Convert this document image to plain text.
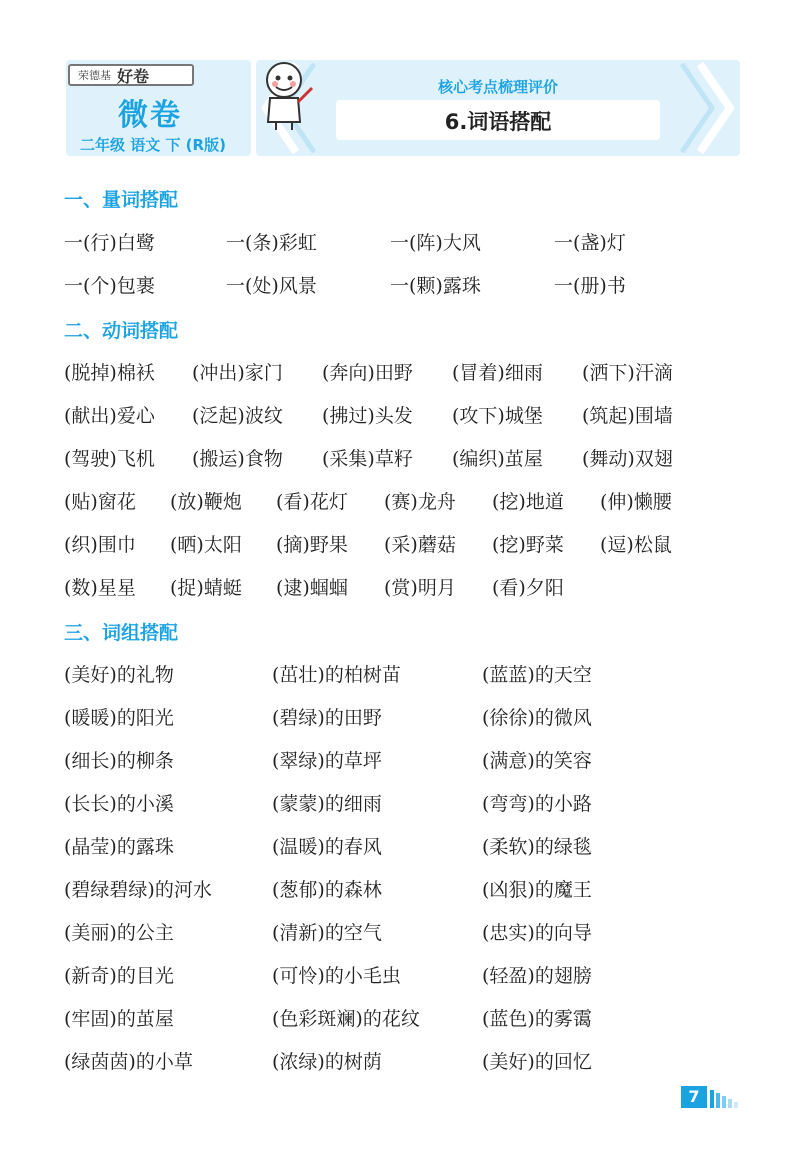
荣德基 好卷
微卷
二年级 语文 下 (R版)
核心考点梳理评价
6.词语搭配
一、量词搭配
一(行)白鹭	一(条)彩虹	一(阵)大风	一(盏)灯
一(个)包裹	一(处)风景	一(颗)露珠	一(册)书
二、动词搭配
(脱掉)棉袄 (冲出)家门 (奔向)田野 (冒着)细雨 (洒下)汗滴
(献出)爱心 (泛起)波纹 (拂过)头发 (攻下)城堡 (筑起)围墙
(驾驶)飞机 (搬运)食物 (采集)草籽 (编织)茧屋 (舞动)双翅
(贴)窗花 (放)鞭炮 (看)花灯 (赛)龙舟 (挖)地道 (伸)懒腰
(织)围巾 (晒)太阳 (摘)野果 (采)蘑菇 (挖)野菜 (逗)松鼠
(数)星星 (捉)蜻蜓 (逮)蝈蝈 (赏)明月 (看)夕阳
三、词组搭配
(美好)的礼物	(茁壮)的柏树苗	(蓝蓝)的天空
(暖暖)的阳光	(碧绿)的田野	(徐徐)的微风
(细长)的柳条	(翠绿)的草坪	(满意)的笑容
(长长)的小溪	(蒙蒙)的细雨	(弯弯)的小路
(晶莹)的露珠	(温暖)的春风	(柔软)的绿毯
(碧绿碧绿)的河水	(葱郁)的森林	(凶狠)的魔王
(美丽)的公主	(清新)的空气	(忠实)的向导
(新奇)的目光	(可怜)的小毛虫	(轻盈)的翅膀
(牢固)的茧屋	(色彩斑斓)的花纹	(蓝色)的雾霭
(绿茵茵)的小草	(浓绿)的树荫	(美好)的回忆
7
